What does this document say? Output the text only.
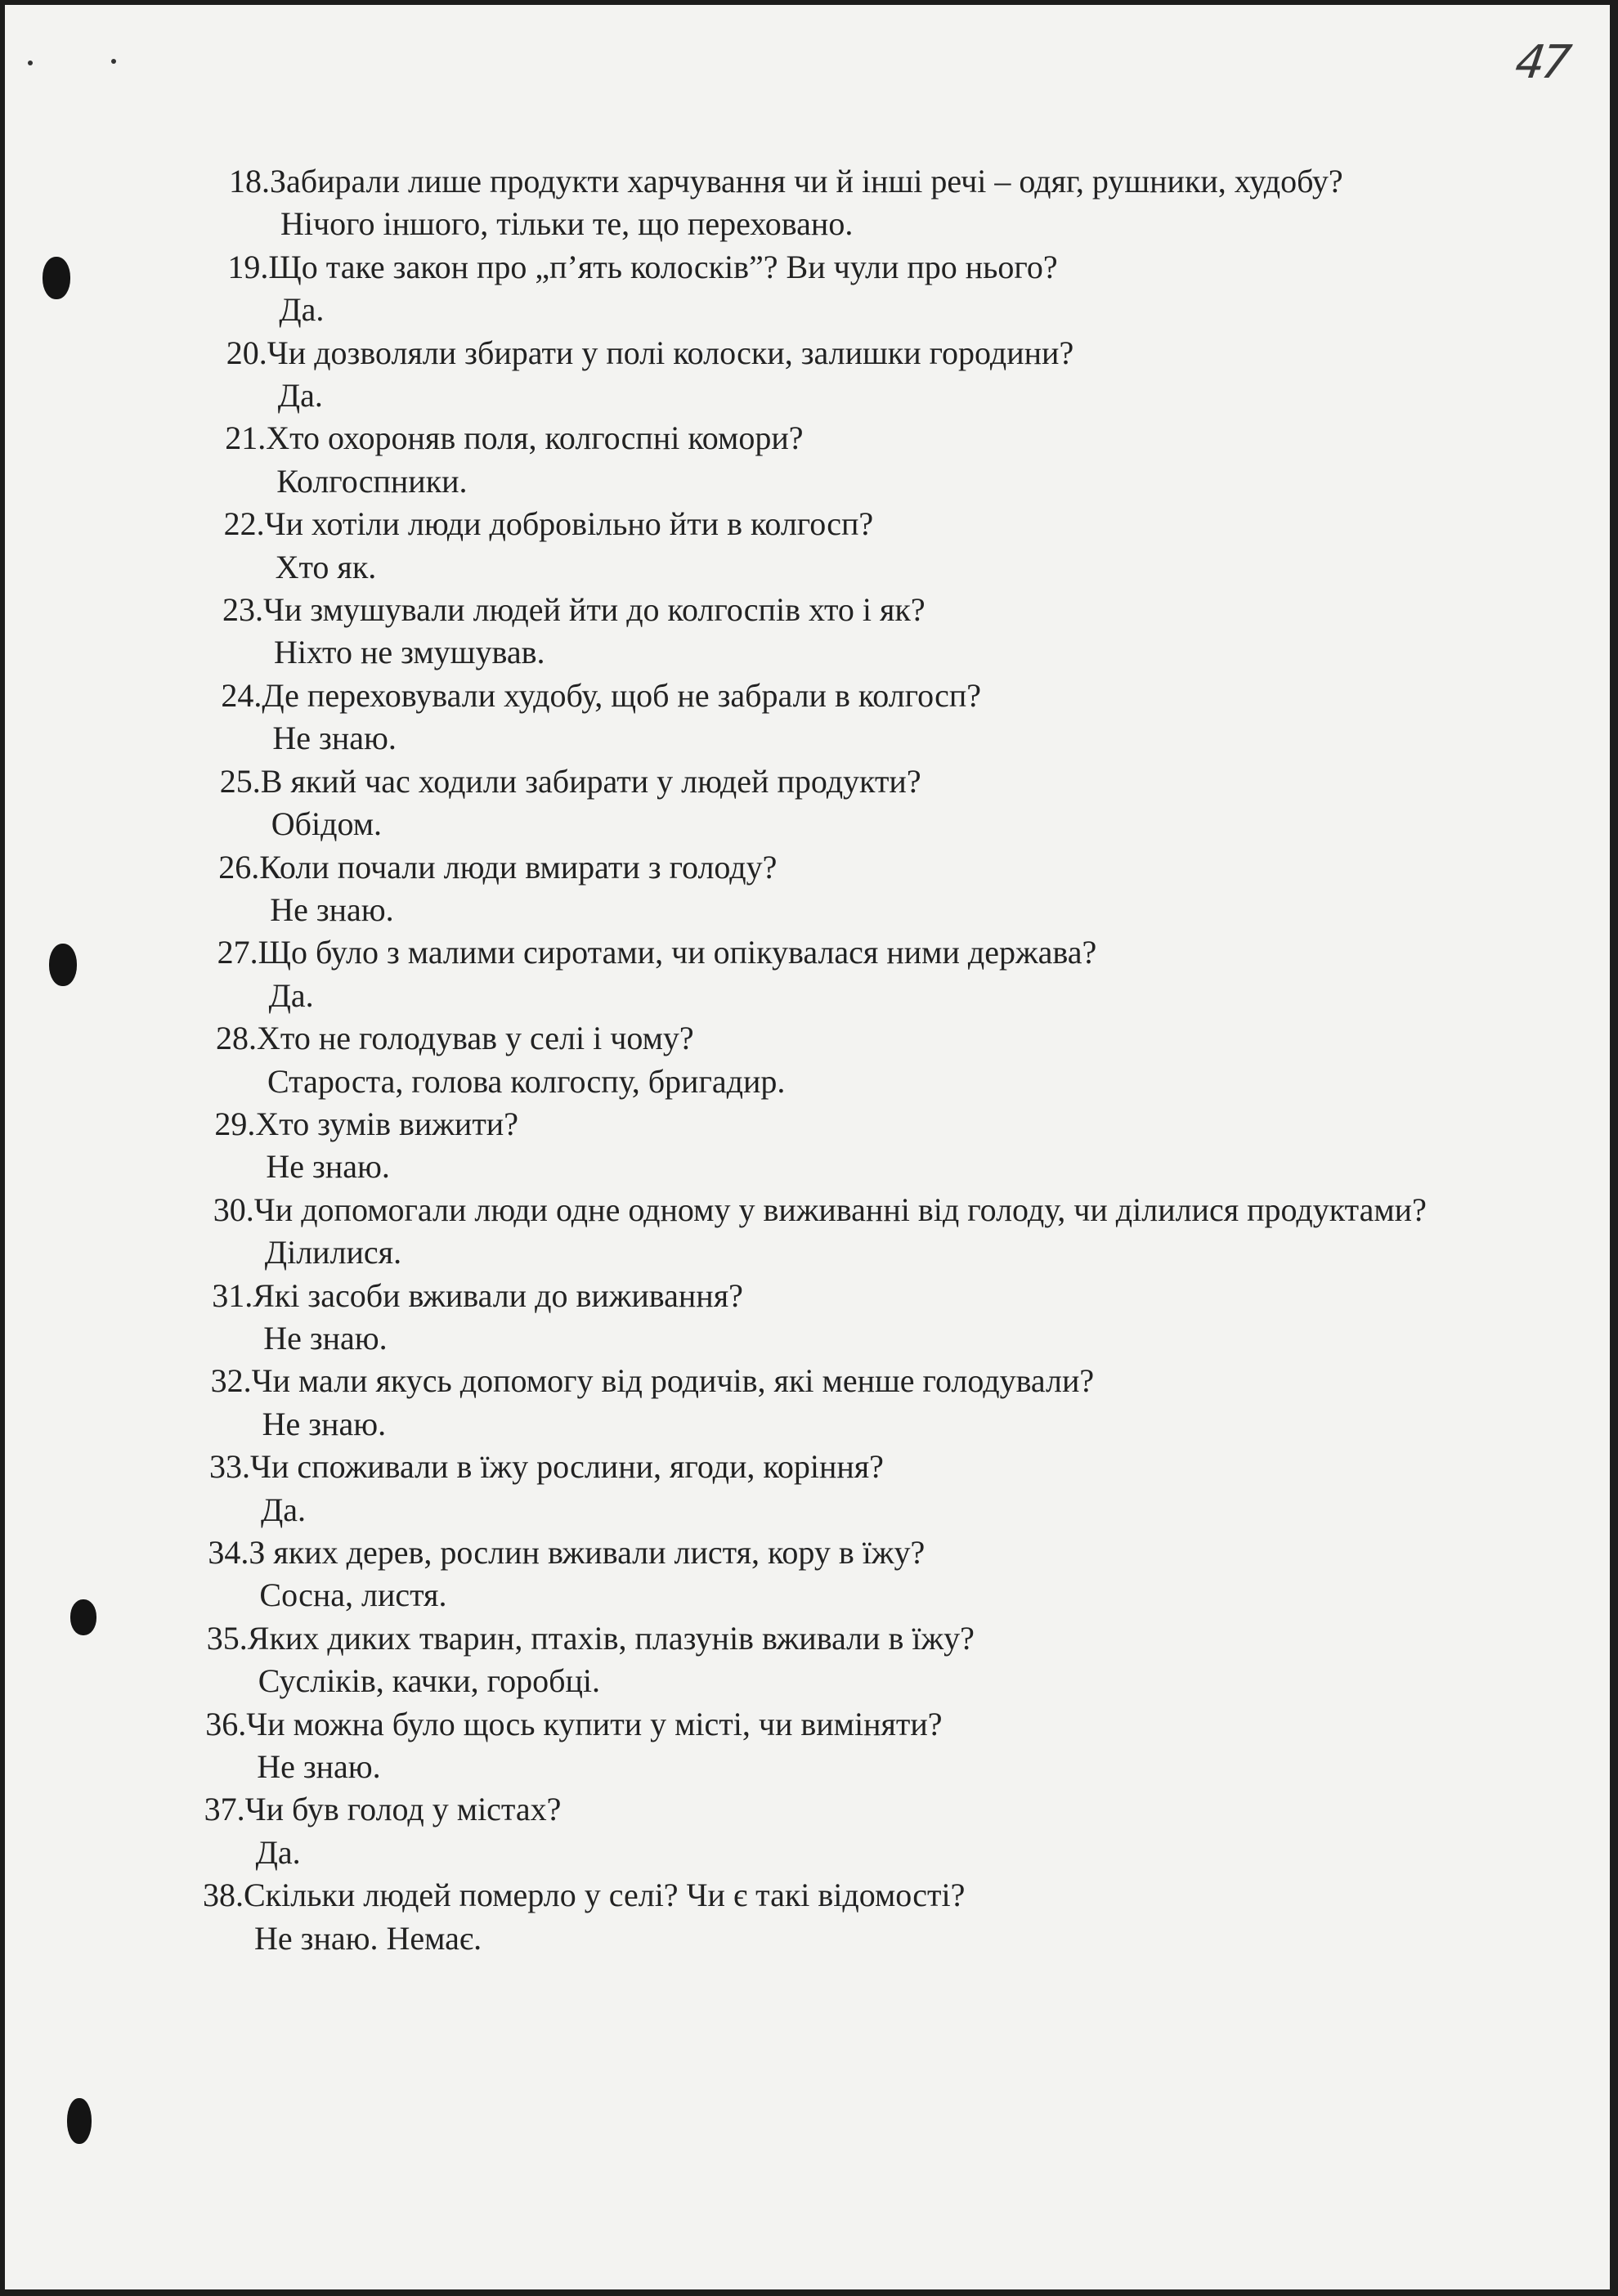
47
18. Забирали лише продукти харчування чи й інші речі – одяг, рушники, худобу?
Нічого іншого, тільки те, що переховано.
19. Що таке закон про „п’ять колосків”? Ви чули про нього?
Да.
20. Чи дозволяли збирати у полі колоски, залишки городини?
Да.
21. Хто охороняв поля, колгоспні комори?
Колгоспники.
22. Чи хотіли люди добровільно йти в колгосп?
Хто як.
23. Чи змушували людей йти до колгоспів хто і як?
Ніхто не змушував.
24. Де переховували худобу, щоб не забрали в колгосп?
Не знаю.
25. В який час ходили забирати у людей продукти?
Обідом.
26. Коли почали люди вмирати з голоду?
Не знаю.
27. Що було з малими сиротами, чи опікувалася ними держава?
Да.
28. Хто не голодував у селі і чому?
Староста, голова колгоспу, бригадир.
29. Хто зумів вижити?
Не знаю.
30. Чи допомогали люди одне одному у виживанні від голоду, чи ділилися продуктами?
Ділилися.
31. Які засоби вживали до виживання?
Не знаю.
32. Чи мали якусь допомогу від родичів, які менше голодували?
Не знаю.
33. Чи споживали в їжу рослини, ягоди, коріння?
Да.
34. З яких дерев, рослин вживали листя, кору в їжу?
Сосна, листя.
35. Яких диких тварин, птахів, плазунів вживали в їжу?
Сусліків, качки, горобці.
36. Чи можна було щось купити у місті, чи виміняти?
Не знаю.
37. Чи був голод у містах?
Да.
38. Скільки людей померло у селі? Чи є такі відомості?
Не знаю. Немає.
